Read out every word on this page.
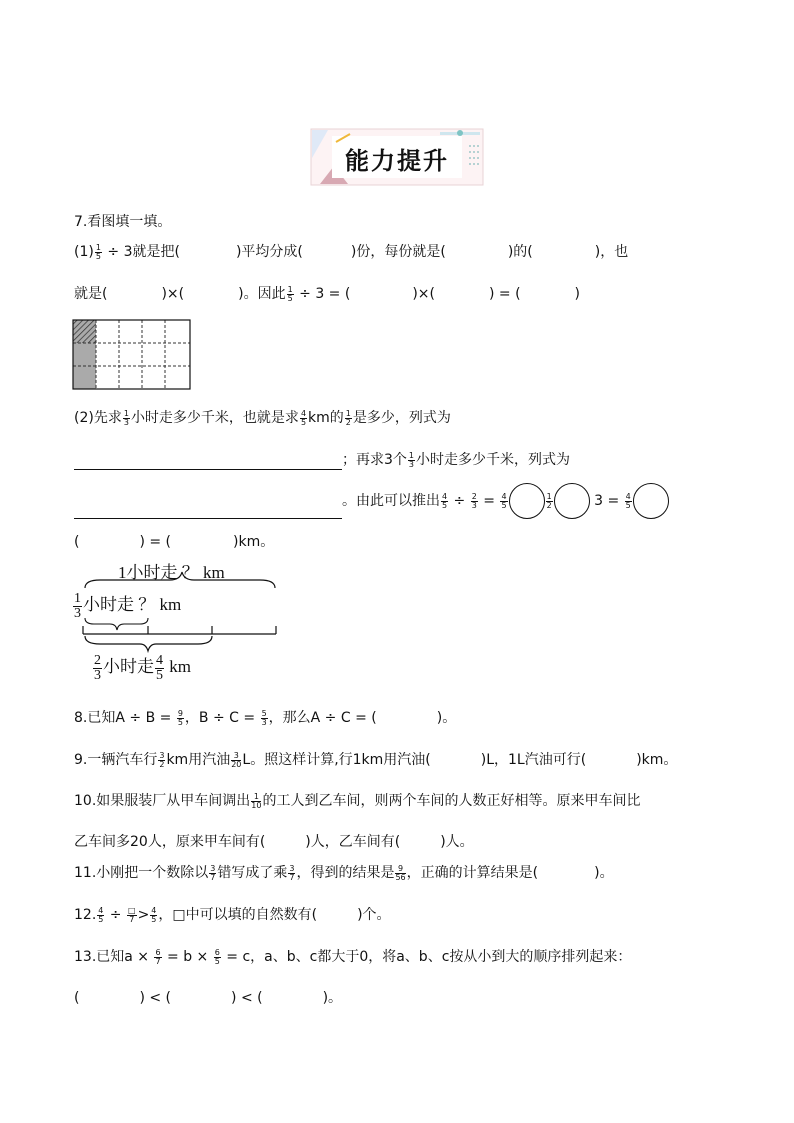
能力提升
7.看图填一填。
$(1) \frac{1}{5} \div 3$就是把(	)平均分成(	)份，每份就是(	)的(	)，也
就是(	)×(	)。因此 $\frac{1}{5} \div 3$ = (	)×(	) = (	)
(2)先求 $\frac{1}{3}$ 小时走多少千米，也就是求 $\frac{4}{5}$ km的 $\frac{1}{2}$ 是多少，列式为
；再求3个 $\frac{1}{3}$ 小时走多少千米，列式为
。由此可以推出 $\frac{4}{5} \div \frac{2}{3} = \frac{4}{5}$	$\frac{1}{2}$	$3 = \frac{4}{5}$
(	) = (	)km。
1小时走 ？ km
$\frac{1}{3}$ 小时走 ？ km
$\frac{2}{3}$ 小时走 $\frac{4}{5}$ km
8.已知$A \div B = \frac{9}{5}$ ，$B \div C = \frac{5}{3}$ ，那么A ÷ C = (	)。
9.一辆汽车行 $\frac{3}{2}$ km用汽油 $\frac{3}{20}$ L。照这样计算,行1km用汽油(	)L，1L汽油可行(	)km。
10.如果服装厂从甲车间调出 $\frac{1}{10}$ 的工人到乙车间，则两个车间的人数正好相等。原来甲车间比
乙车间多20人，原来甲车间有(	)人，乙车间有(	)人。
11.小刚把一个数除以 $\frac{3}{7}$ 错写成了乘 $\frac{3}{7}$ ，得到的结果是 $\frac{9}{56}$ ，正确的计算结果是(	)。
12. $\frac{4}{5} \div \frac{□}{7} > \frac{4}{5}$ ，□中可以填的自然数有(	)个。
13.已知$a \times \frac{6}{7} = b \times \frac{6}{5} = c$，a、b、c都大于0，将a、b、c按从小到大的顺序排列起来：
(	) < (	) < (	)。
